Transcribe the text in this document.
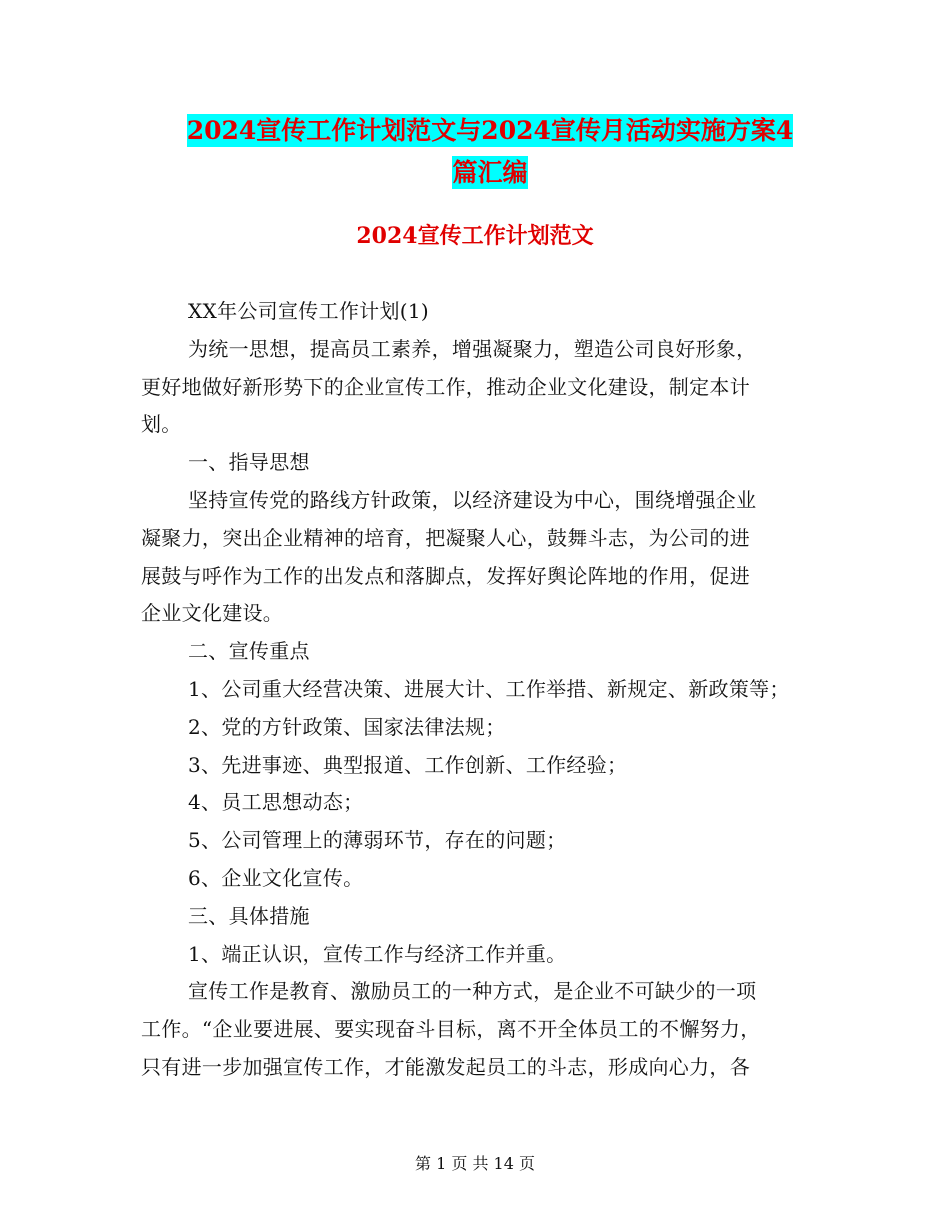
2024宣传工作计划范文与2024宣传月活动实施方案4
篇汇编
2024宣传工作计划范文

XX年公司宣传工作计划(1)

为统一思想，提高员工素养，增强凝聚力，塑造公司良好形象，

更好地做好新形势下的企业宣传工作，推动企业文化建设，制定本计

划。

一、指导思想

坚持宣传党的路线方针政策，以经济建设为中心，围绕增强企业

凝聚力，突出企业精神的培育，把凝聚人心，鼓舞斗志，为公司的进

展鼓与呼作为工作的出发点和落脚点，发挥好舆论阵地的作用，促进

企业文化建设。

二、宣传重点

1、公司重大经营决策、进展大计、工作举措、新规定、新政策等；

2、党的方针政策、国家法律法规；

3、先进事迹、典型报道、工作创新、工作经验；

4、员工思想动态；

5、公司管理上的薄弱环节，存在的问题；

6、企业文化宣传。

三、具体措施

1、端正认识，宣传工作与经济工作并重。

宣传工作是教育、激励员工的一种方式，是企业不可缺少的一项

工作。“企业要进展、要实现奋斗目标，离不开全体员工的不懈努力，

只有进一步加强宣传工作，才能激发起员工的斗志，形成向心力，各

第 1 页 共 14 页
